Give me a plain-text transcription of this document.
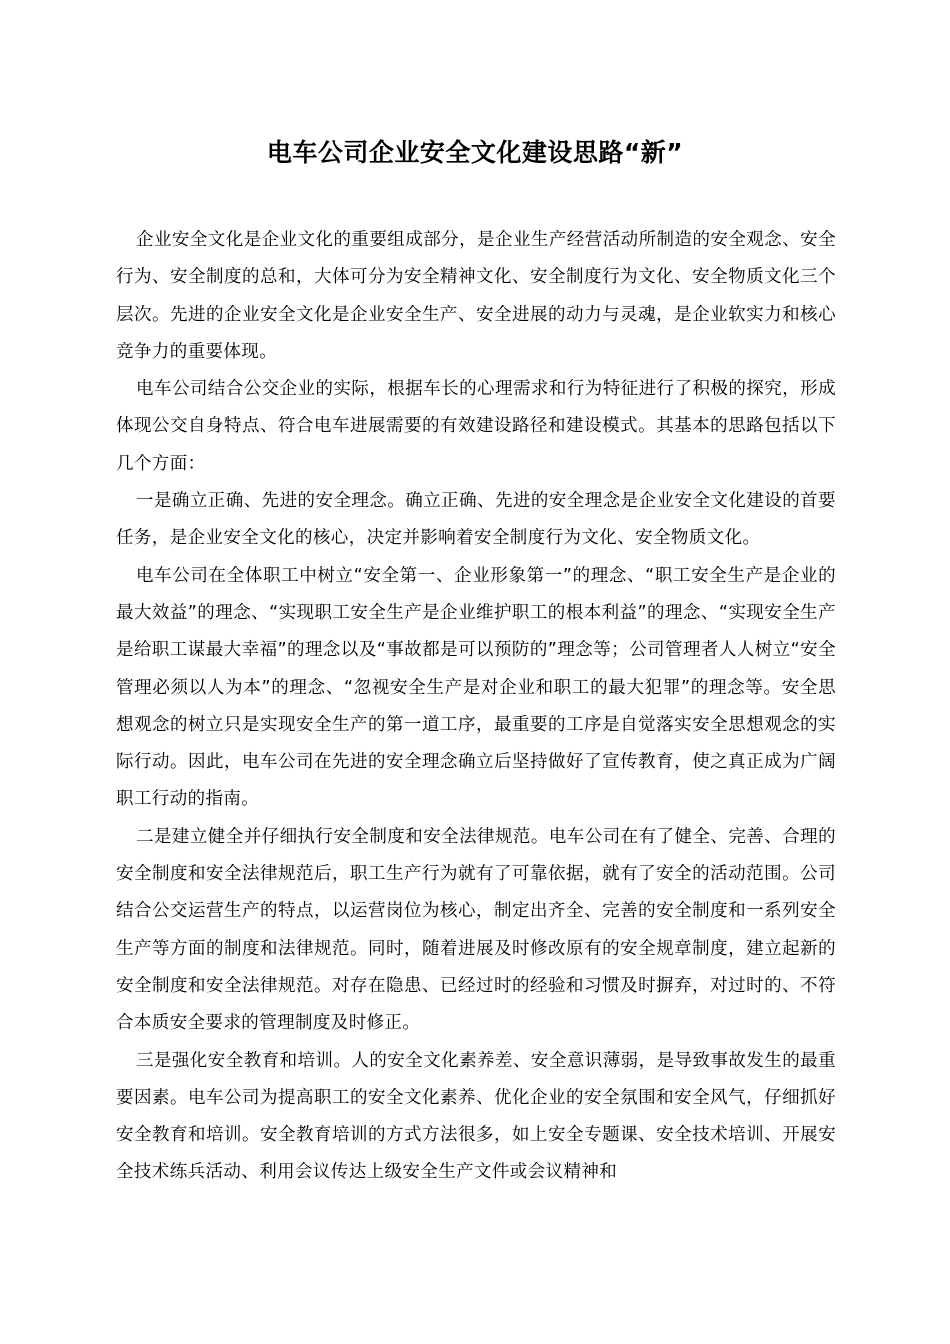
电车公司企业安全文化建设思路“新”

企业安全文化是企业文化的重要组成部分，是企业生产经营活动所制造的安全观念、安全行为、安全制度的总和，大体可分为安全精神文化、安全制度行为文化、安全物质文化三个层次。先进的企业安全文化是企业安全生产、安全进展的动力与灵魂，是企业软实力和核心竞争力的重要体现。

电车公司结合公交企业的实际，根据车长的心理需求和行为特征进行了积极的探究，形成体现公交自身特点、符合电车进展需要的有效建设路径和建设模式。其基本的思路包括以下几个方面：

一是确立正确、先进的安全理念。确立正确、先进的安全理念是企业安全文化建设的首要任务，是企业安全文化的核心，决定并影响着安全制度行为文化、安全物质文化。

电车公司在全体职工中树立“安全第一、企业形象第一”的理念、“职工安全生产是企业的最大效益”的理念、“实现职工安全生产是企业维护职工的根本利益”的理念、“实现安全生产是给职工谋最大幸福”的理念以及“事故都是可以预防的”理念等；公司管理者人人树立“安全管理必须以人为本”的理念、“忽视安全生产是对企业和职工的最大犯罪”的理念等。安全思想观念的树立只是实现安全生产的第一道工序，最重要的工序是自觉落实安全思想观念的实际行动。因此，电车公司在先进的安全理念确立后坚持做好了宣传教育，使之真正成为广阔职工行动的指南。

二是建立健全并仔细执行安全制度和安全法律规范。电车公司在有了健全、完善、合理的安全制度和安全法律规范后，职工生产行为就有了可靠依据，就有了安全的活动范围。公司结合公交运营生产的特点，以运营岗位为核心，制定出齐全、完善的安全制度和一系列安全生产等方面的制度和法律规范。同时，随着进展及时修改原有的安全规章制度，建立起新的安全制度和安全法律规范。对存在隐患、已经过时的经验和习惯及时摒弃，对过时的、不符合本质安全要求的管理制度及时修正。

三是强化安全教育和培训。人的安全文化素养差、安全意识薄弱，是导致事故发生的最重要因素。电车公司为提高职工的安全文化素养、优化企业的安全氛围和安全风气，仔细抓好安全教育和培训。安全教育培训的方式方法很多，如上安全专题课、安全技术培训、开展安全技术练兵活动、利用会议传达上级安全生产文件或会议精神和
